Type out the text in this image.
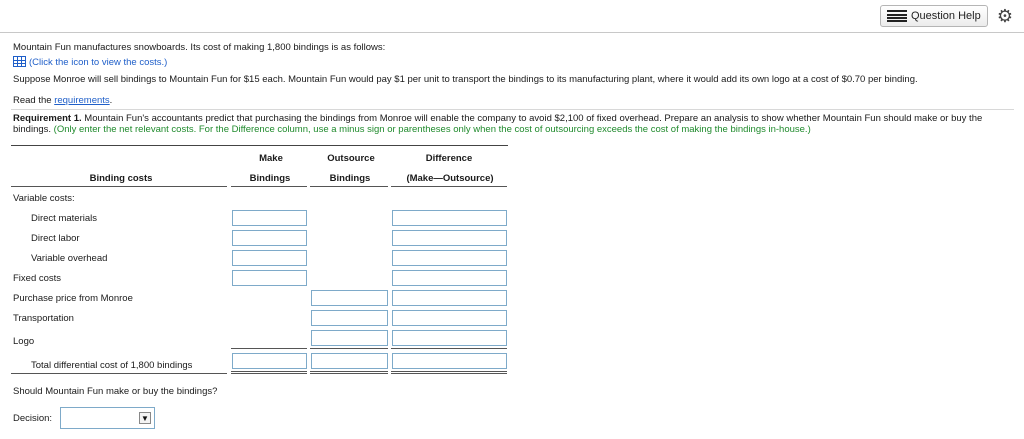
Question Help ⚙
Mountain Fun manufactures snowboards. Its cost of making 1,800 bindings is as follows:
(Click the icon to view the costs.)
Suppose Monroe will sell bindings to Mountain Fun for $15 each. Mountain Fun would pay $1 per unit to transport the bindings to its manufacturing plant, where it would add its own logo at a cost of $0.70 per binding.
Read the requirements.
Requirement 1. Mountain Fun's accountants predict that purchasing the bindings from Monroe will enable the company to avoid $2,100 of fixed overhead. Prepare an analysis to show whether Mountain Fun should make or buy the bindings. (Only enter the net relevant costs. For the Difference column, use a minus sign or parentheses only when the cost of outsourcing exceeds the cost of making the bindings in-house.)
Make
Bindings
Outsource
Bindings
Difference
(Make—Outsource)
Binding costs
Variable costs:
Direct materials
Direct labor
Variable overhead
Fixed costs
Purchase price from Monroe
Transportation
Logo
Total differential cost of 1,800 bindings
Should Mountain Fun make or buy the bindings?
Decision:	▼
